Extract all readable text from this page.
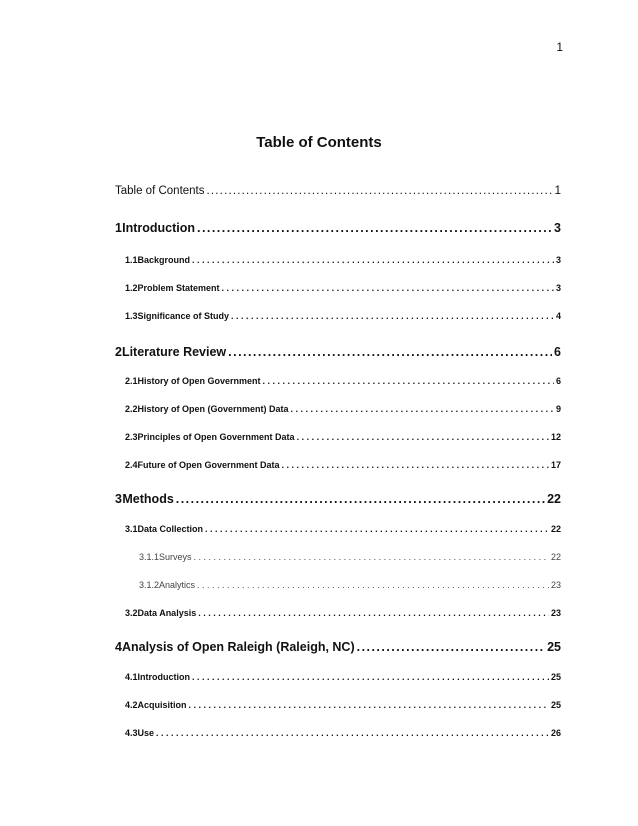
1
Table of Contents
Table of Contents . . .	1
1 Introduction . . .	3
1.1 Background . . .	3
1.2 Problem Statement . . .	3
1.3 Significance of Study . . .	4
2 Literature Review . . .	6
2.1 History of Open Government . . .	6
2.2 History of Open (Government) Data . . .	9
2.3 Principles of Open Government Data . . .	12
2.4 Future of Open Government Data . . .	17
3 Methods . . .	22
3.1 Data Collection . . .	22
3.1.1 Surveys . . .	22
3.1.2 Analytics . . .	23
3.2 Data Analysis . . .	23
4 Analysis of Open Raleigh (Raleigh, NC) . . .	25
4.1 Introduction . . .	25
4.2 Acquisition . . .	25
4.3 Use . . .	26
